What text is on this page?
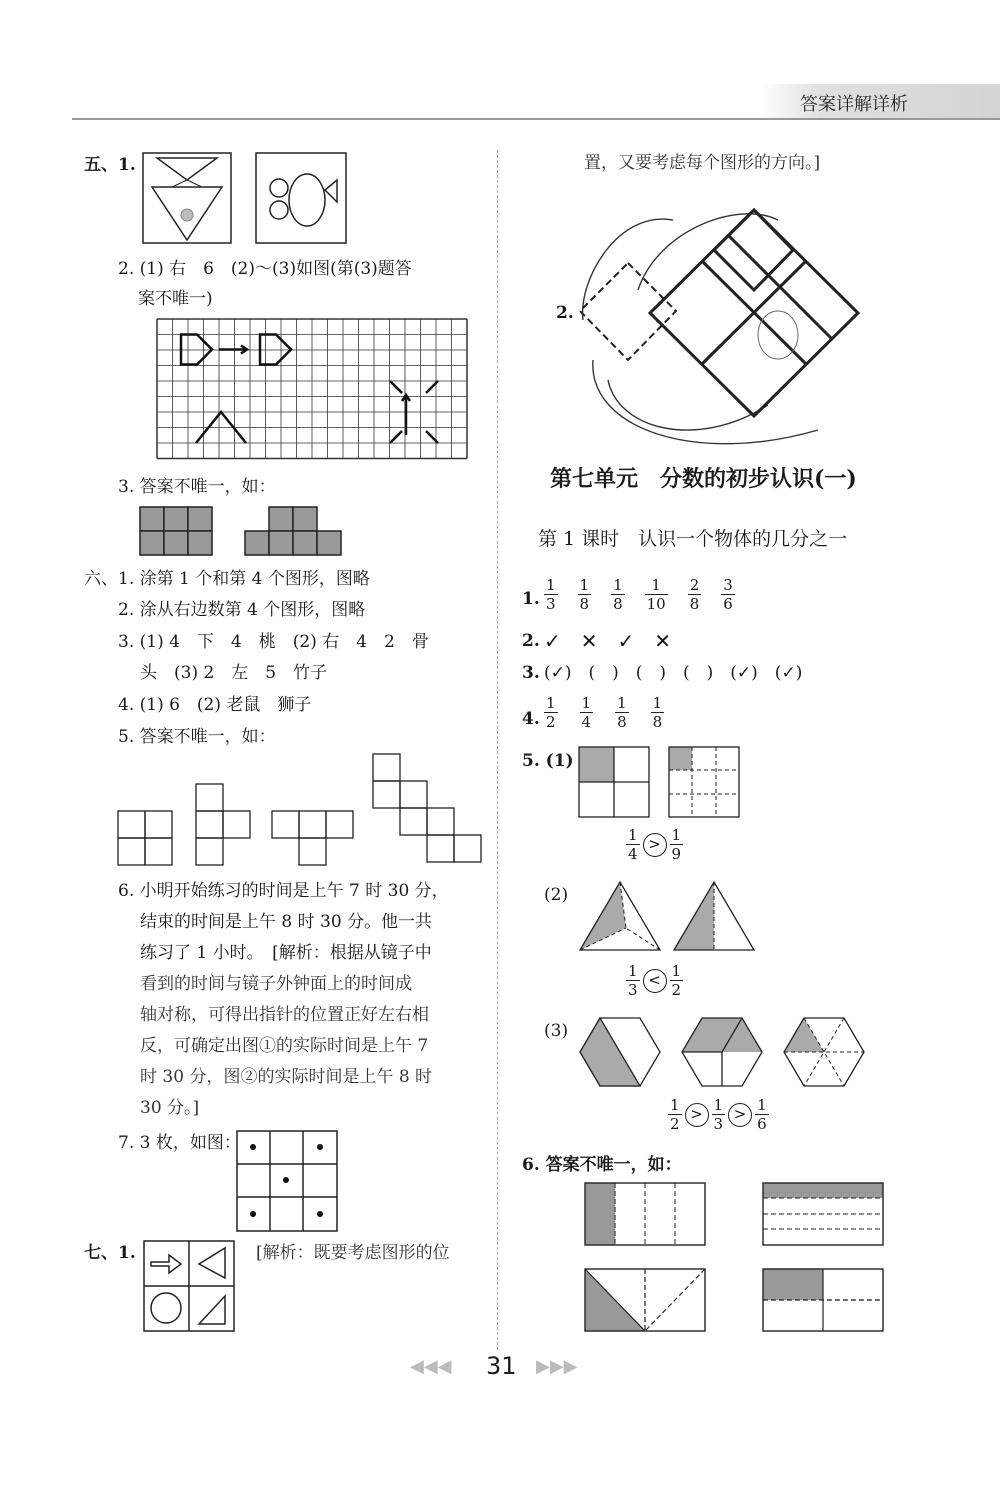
答案详解详析
五、1.
2. (1) 右　6　(2)～(3)如图(第(3)题答
案不唯一)
3. 答案不唯一，如：
六、1. 涂第 1 个和第 4 个图形，图略
2. 涂从右边数第 4 个图形，图略
3. (1) 4　下　4　桃　(2) 右　4　2　骨
头　(3) 2　左　5　竹子
4. (1) 6　(2) 老鼠　狮子
5. 答案不唯一，如：
6. 小明开始练习的时间是上午 7 时 30 分，
结束的时间是上午 8 时 30 分。他一共
练习了 1 小时。　[解析：根据从镜子中
看到的时间与镜子外钟面上的时间成
轴对称，可得出指针的位置正好左右相
反，可确定出图①的实际时间是上午 7
时 30 分，图②的实际时间是上午 8 时
30 分。]
7. 3 枚，如图：
七、1.	[解析：既要考虑图形的位
置，又要考虑每个图形的方向。]
2.
第七单元　分数的初步认识(一)
第 1 课时　认识一个物体的几分之一
1. $\frac{1}{3} \frac{1}{8} \frac{1}{8} \frac{1}{10} \frac{2}{8} \frac{3}{6}$
2. ✓　✕　✓　✕
3. (✓)　(　)　(　)　(　)　(✓)　(✓)
4. $\frac{1}{2} \frac{1}{4} \frac{1}{8} \frac{1}{8}$
5. (1)
$\frac{1}{4} > \frac{1}{9}$
(2)
$\frac{1}{3} < \frac{1}{2}$
(3)
$\frac{1}{2} > \frac{1}{3} > \frac{1}{6}$
6. 答案不唯一，如：
◀◀◀ 31 ▶▶▶
